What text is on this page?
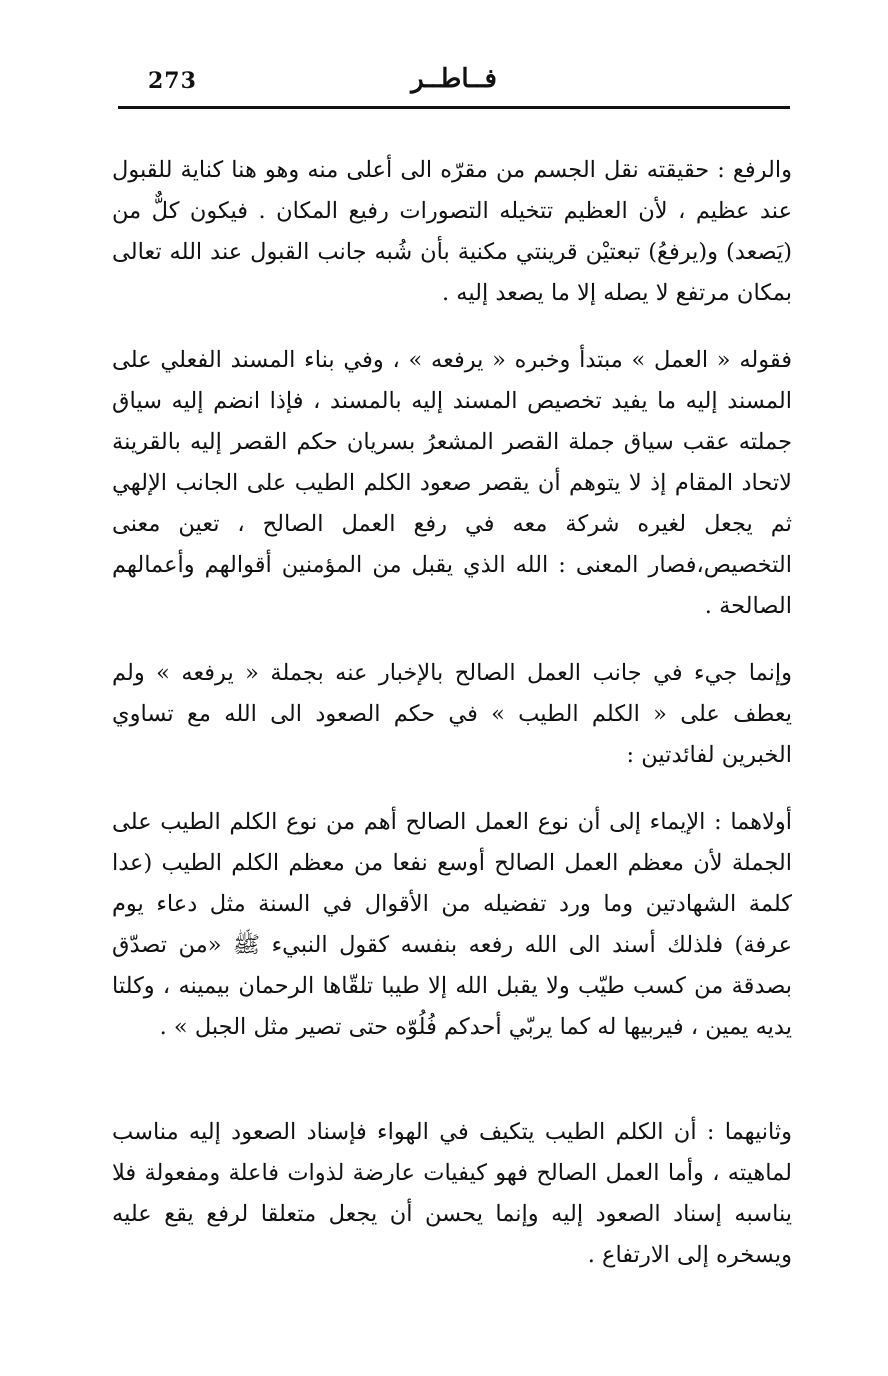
273	فــاطــر

والرفع : حقيقته نقل الجسم من مقرّه الى أعلى منه وهو هنا كناية للقبول عند عظيم ، لأن العظيم تتخيله التصورات رفيع المكان . فيكون كلٌّ من (يَصعد) و(يرفعُ) تبعتيْن قرينتي مكنية بأن شُبه جانب القبول عند الله تعالى بمكان مرتفع لا يصله إلا ما يصعد إليه .

فقوله « العمل » مبتدأ وخبره « يرفعه » ، وفي بناء المسند الفعلي على المسند إليه ما يفيد تخصيص المسند إليه بالمسند ، فإذا انضم إليه سياق جملته عقب سياق جملة القصر المشعرُ بسريان حكم القصر إليه بالقرينة لاتحاد المقام إذ لا يتوهم أن يقصر صعود الكلم الطيب على الجانب الإلهي ثم يجعل لغيره شركة معه في رفع العمل الصالح ، تعين معنى التخصيص،فصار المعنى : الله الذي يقبل من المؤمنين أقوالهم وأعمالهم الصالحة .

وإنما جيء في جانب العمل الصالح بالإخبار عنه بجملة « يرفعه » ولم يعطف على « الكلم الطيب » في حكم الصعود الى الله مع تساوي الخبرين لفائدتين :

أولاهما : الإيماء إلى أن نوع العمل الصالح أهم من نوع الكلم الطيب على الجملة لأن معظم العمل الصالح أوسع نفعا من معظم الكلم الطيب (عدا كلمة الشهادتين وما ورد تفضيله من الأقوال في السنة مثل دعاء يوم عرفة) فلذلك أسند الى الله رفعه بنفسه كقول النبيء ﷺ «من تصدّق بصدقة من كسب طيّب ولا يقبل الله إلا طيبا تلقّاها الرحمان بيمينه ، وكلتا يديه يمين ، فيربيها له كما يربّي أحدكم فُلُوّه حتى تصير مثل الجبل » .

وثانيهما : أن الكلم الطيب يتكيف في الهواء فإسناد الصعود إليه مناسب لماهيته ، وأما العمل الصالح فهو كيفيات عارضة لذوات فاعلة ومفعولة فلا يناسبه إسناد الصعود إليه وإنما يحسن أن يجعل متعلقا لرفع يقع عليه ويسخره إلى الارتفاع .
